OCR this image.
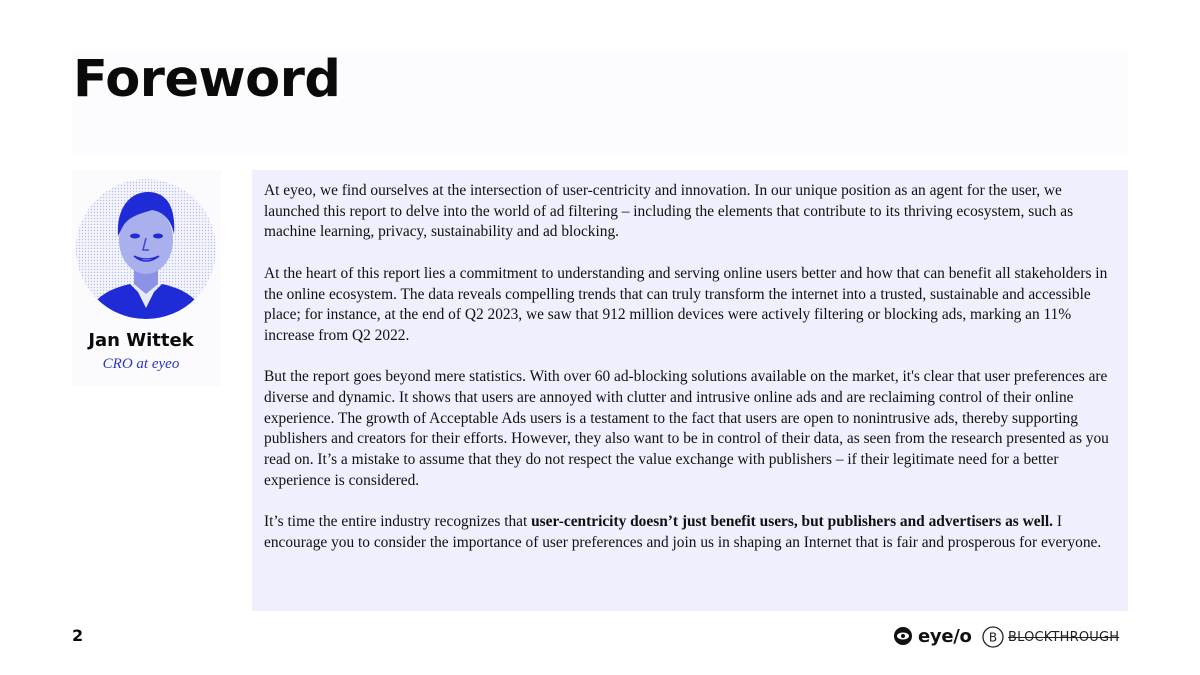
Foreword
Jan Wittek
CRO at eyeo

At eyeo, we find ourselves at the intersection of user-centricity and innovation. In our unique position as an agent for the user, we launched this report to delve into the world of ad filtering – including the elements that contribute to its thriving ecosystem, such as machine learning, privacy, sustainability and ad blocking.

At the heart of this report lies a commitment to understanding and serving online users better and how that can benefit all stakeholders in the online ecosystem. The data reveals compelling trends that can truly transform the internet into a trusted, sustainable and accessible place; for instance, at the end of Q2 2023, we saw that 912 million devices were actively filtering or blocking ads, marking an 11% increase from Q2 2022.

But the report goes beyond mere statistics. With over 60 ad-blocking solutions available on the market, it's clear that user preferences are diverse and dynamic. It shows that users are annoyed with clutter and intrusive online ads and are reclaiming control of their online experience. The growth of Acceptable Ads users is a testament to the fact that users are open to nonintrusive ads, thereby supporting publishers and creators for their efforts. However, they also want to be in control of their data, as seen from the research presented as you read on. It’s a mistake to assume that they do not respect the value exchange with publishers – if their legitimate need for a better experience is considered.

It’s time the entire industry recognizes that user-centricity doesn’t just benefit users, but publishers and advertisers as well. I encourage you to consider the importance of user preferences and join us in shaping an Internet that is fair and prosperous for everyone.

2	eye/o B BLOCKTHROUGH
